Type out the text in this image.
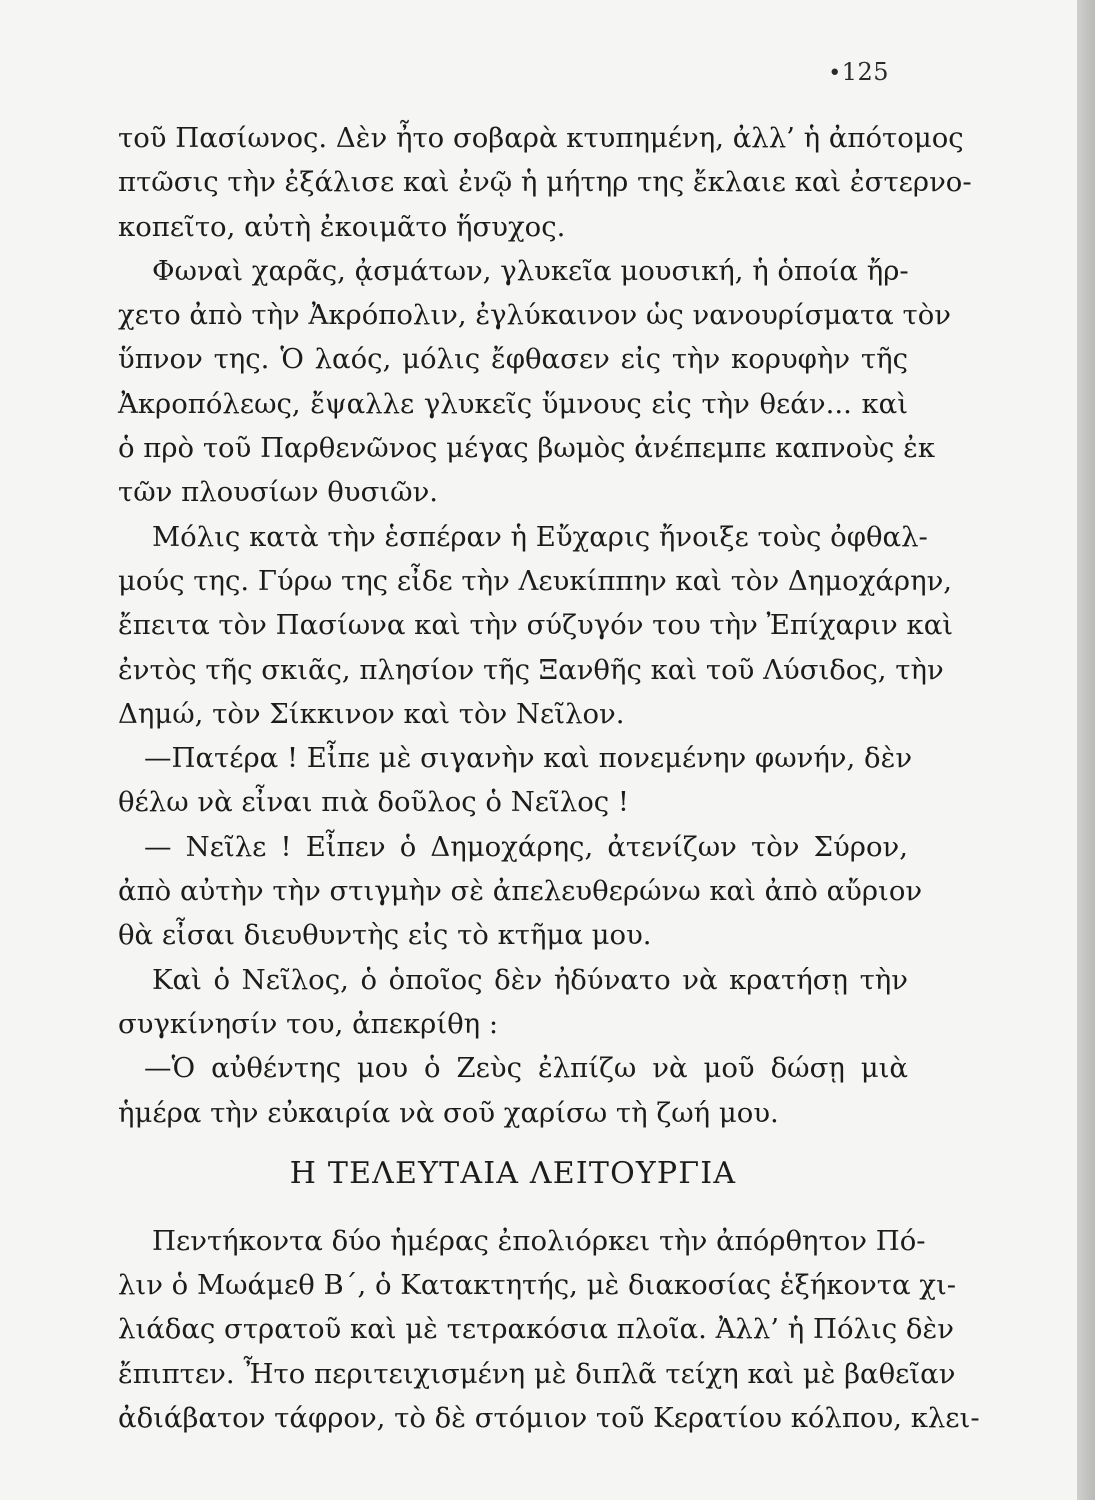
•125

τοῦ Πασίωνος. Δὲν ἦτο σοβαρὰ κτυπημένη, ἀλλ’ ἡ ἀπότομος

πτῶσις τὴν ἐξάλισε καὶ ἐνῷ ἡ μήτηρ της ἔκλαιε καὶ ἐστερνο-

κοπεῖτο, αὐτὴ ἐκοιμᾶτο ἥσυχος.

Φωναὶ χαρᾶς, ᾀσμάτων, γλυκεῖα μουσική, ἡ ὁποία ἤρ-

χετο ἀπὸ τὴν Ἀκρόπολιν, ἐγλύκαινον ὡς νανουρίσματα τὸν

ὕπνον της. Ὁ λαός, μόλις ἔφθασεν εἰς τὴν κορυφὴν τῆς

Ἀκροπόλεως, ἔψαλλε γλυκεῖς ὕμνους εἰς τὴν θεάν... καὶ

ὁ πρὸ τοῦ Παρθενῶνος μέγας βωμὸς ἀνέπεμπε καπνοὺς ἐκ

τῶν πλουσίων θυσιῶν.

Μόλις κατὰ τὴν ἑσπέραν ἡ Εὔχαρις ἤνοιξε τοὺς ὀφθαλ-

μούς της. Γύρω της εἶδε τὴν Λευκίππην καὶ τὸν Δημοχάρην,

ἔπειτα τὸν Πασίωνα καὶ τὴν σύζυγόν του τὴν Ἐπίχαριν καὶ

ἐντὸς τῆς σκιᾶς, πλησίον τῆς Ξανθῆς καὶ τοῦ Λύσιδος, τὴν

Δημώ, τὸν Σίκκινον καὶ τὸν Νεῖλον.

—Πατέρα ! Εἶπε μὲ σιγανὴν καὶ πονεμένην φωνήν, δὲν

θέλω νὰ εἶναι πιὰ δοῦλος ὁ Νεῖλος !

— Νεῖλε ! Εἶπεν ὁ Δημοχάρης, ἀτενίζων τὸν Σύρον,

ἀπὸ αὐτὴν τὴν στιγμὴν σὲ ἀπελευθερώνω καὶ ἀπὸ αὔριον

θὰ εἶσαι διευθυντὴς εἰς τὸ κτῆμα μου.

Καὶ ὁ Νεῖλος, ὁ ὁποῖος δὲν ἠδύνατο νὰ κρατήσῃ τὴν

συγκίνησίν του, ἀπεκρίθη :

—Ὁ αὐθέντης μου ὁ Ζεὺς ἐλπίζω νὰ μοῦ δώσῃ μιὰ

ἡμέρα τὴν εὐκαιρία νὰ σοῦ χαρίσω τὴ ζωή μου.

Η ΤΕΛΕΥΤΑΙΑ ΛΕΙΤΟΥΡΓΙΑ

Πεντήκοντα δύο ἡμέρας ἐπολιόρκει τὴν ἀπόρθητον Πό-

λιν ὁ Μωάμεθ Β΄, ὁ Κατακτητής, μὲ διακοσίας ἑξήκοντα χι-

λιάδας στρατοῦ καὶ μὲ τετρακόσια πλοῖα. Ἀλλ’ ἡ Πόλις δὲν

ἔπιπτεν. Ἦτο περιτειχισμένη μὲ διπλᾶ τείχη καὶ μὲ βαθεῖαν

ἀδιάβατον τάφρον, τὸ δὲ στόμιον τοῦ Κερατίου κόλπου, κλει-
